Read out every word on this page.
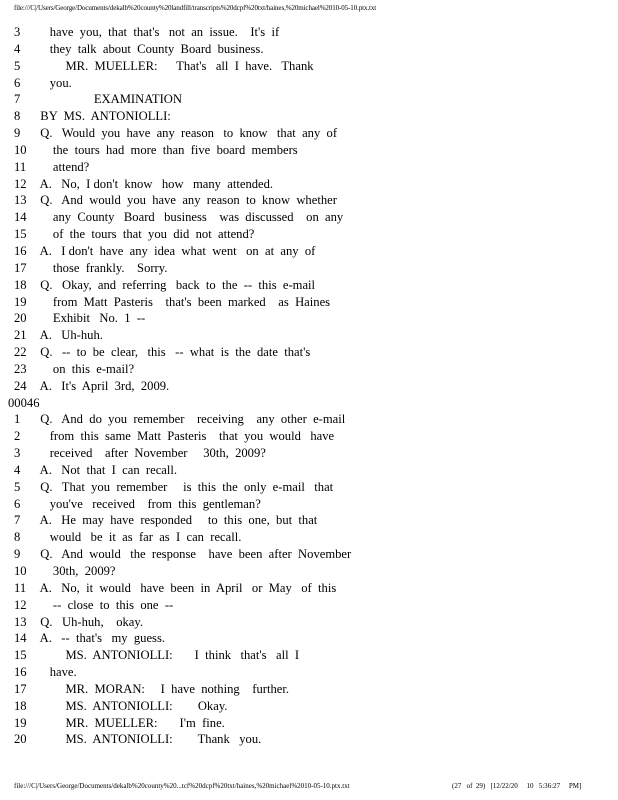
file:///C|/Users/George/Documents/dekalb%20county%20landfill/transcripts%20dcpf%20txt/haines,%20michael%2010-05-10.ptx.txt
3	have  you,  that  that's   not  an  issue.    It's  if
4	they  talk  about  County  Board  business.
5	MR.  MUELLER:      That's   all  I  have.   Thank
6	you.
7	EXAMINATION
8	BY  MS.  ANTONIOLLI:
9	Q.   Would  you  have  any  reason   to  know   that  any  of
10 the  tours  had  more  than  five  board  members
11 attend?
12 A.   No,  I don't  know   how   many  attended.
13 Q.   And  would  you  have  any  reason  to  know  whether
14 any  County   Board   business    was  discussed    on  any
15 of  the  tours  that  you  did  not  attend?
16 A.   I don't  have  any  idea  what  went   on  at  any  of
17 those  frankly.    Sorry.
18 Q.   Okay,  and  referring   back  to  the  --  this  e-mail
19 from  Matt  Pasteris    that's  been  marked    as  Haines
20 Exhibit   No.  1  --
21 A.   Uh-huh.
22 Q.   --  to  be  clear,   this   --  what  is  the  date  that's
23 on  this  e-mail?
24 A.   It's  April  3rd,  2009.
00046
1	Q.   And  do  you  remember    receiving    any  other  e-mail
2	from  this  same  Matt  Pasteris    that  you  would   have
3	received    after  November     30th,  2009?
4	A.   Not  that  I  can  recall.
5	Q.   That  you  remember     is  this  the  only  e-mail   that
6	you've   received    from  this  gentleman?
7	A.   He  may  have  responded     to  this  one,  but  that
8	would   be  it  as  far  as  I  can  recall.
9	Q.   And  would   the  response    have  been  after  November
10 30th,  2009?
11 A.   No,  it  would   have  been  in  April   or  May   of  this
12 --  close  to  this  one  --
13 Q.   Uh-huh,    okay.
14 A.   --  that's   my  guess.
15 MS.  ANTONIOLLI:       I  think   that's   all  I
16 have.
17 MR.  MORAN:     I  have  nothing    further.
18 MS.  ANTONIOLLI:        Okay.
19 MR.  MUELLER:       I'm  fine.
20 MS.  ANTONIOLLI:        Thank   you.
file:///C|/Users/George/Documents/dekalb%20county%20...tcf%20dcpf%20txt/haines,%20michael%2010-05-10.ptx.txt	(27   of  29)   [12/22/20     10   5:36:27     PM]
